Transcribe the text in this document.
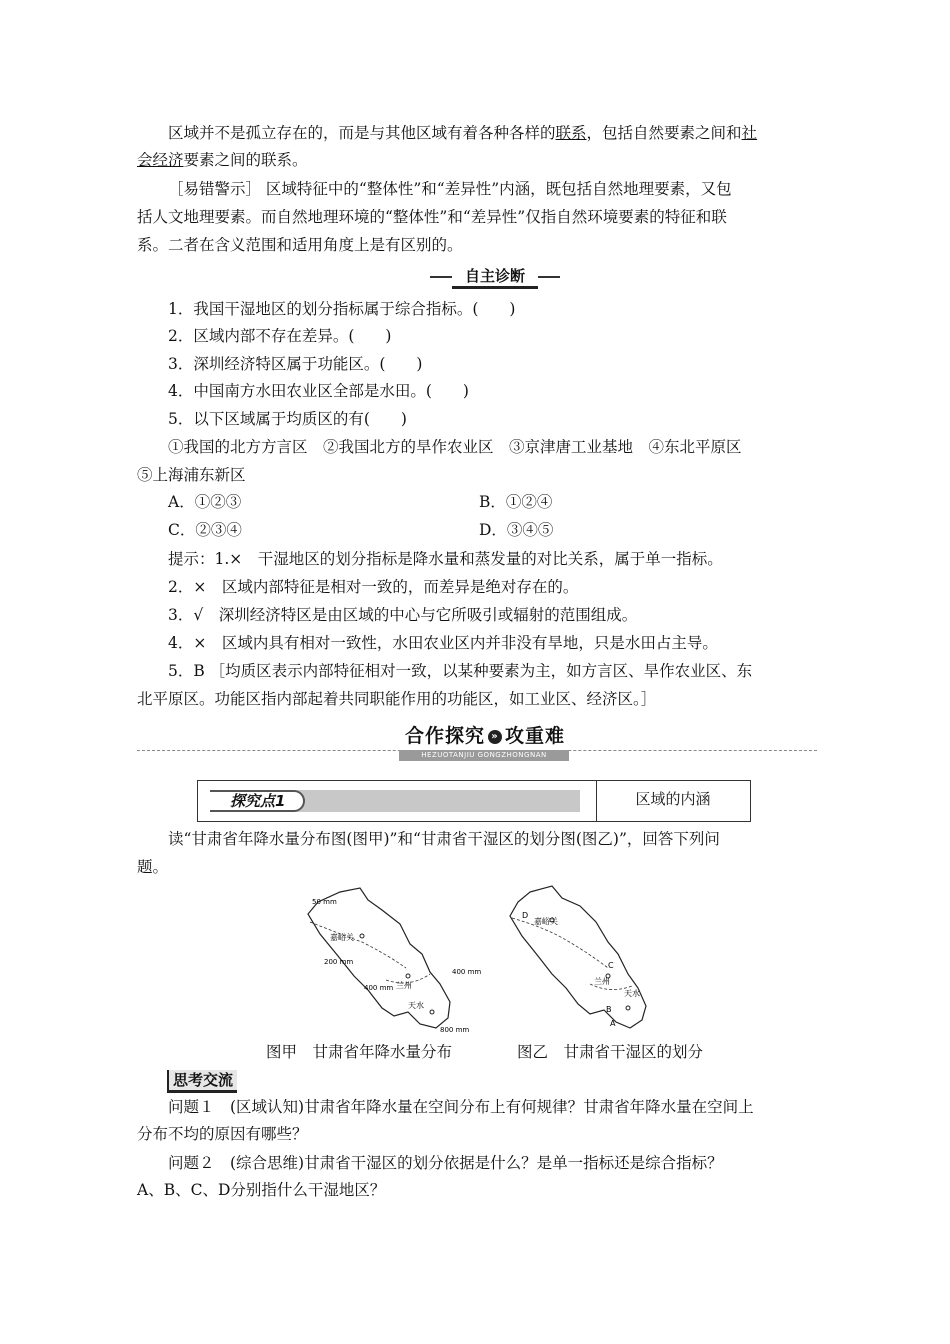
区域并不是孤立存在的，而是与其他区域有着各种各样的联系，包括自然要素之间和社
会经济要素之间的联系。
［易错警示］ 区域特征中的“整体性”和“差异性”内涵，既包括自然地理要素，又包
括人文地理要素。而自然地理环境的“整体性”和“差异性”仅指自然环境要素的特征和联
系。二者在含义范围和适用角度上是有区别的。
自主诊断
1．我国干湿地区的划分指标属于综合指标。(　　)
2．区域内部不存在差异。(　　)
3．深圳经济特区属于功能区。(　　)
4．中国南方水田农业区全部是水田。(　　)
5．以下区域属于均质区的有(　　)
①我国的北方方言区　②我国北方的旱作农业区　③京津唐工业基地　④东北平原区
⑤上海浦东新区
A．①②③	B．①②④
C．②③④	D．③④⑤
提示：1.×　干湿地区的划分指标是降水量和蒸发量的对比关系，属于单一指标。
2．×　区域内部特征是相对一致的，而差异是绝对存在的。
3．√　深圳经济特区是由区域的中心与它所吸引或辐射的范围组成。
4．×　区域内具有相对一致性，水田农业区内并非没有旱地，只是水田占主导。
5．B ［均质区表示内部特征相对一致，以某种要素为主，如方言区、旱作农业区、东
北平原区。功能区指内部起着共同职能作用的功能区，如工业区、经济区。］
合作探究 » 攻重难
HEZUOTANJIU GONGZHONGNAN
探究点1	区域的内涵
读“甘肃省年降水量分布图(图甲)”和“甘肃省干湿区的划分图(图乙)”，回答下列问
题。
50 mm
嘉峪关
200 mm
兰州
400 mm
400 mm
天水
800 mm
D
嘉峪关
C
兰州
天水
B
A
图甲　甘肃省年降水量分布	图乙　甘肃省干湿区的划分
思考交流
问题１　(区域认知)甘肃省年降水量在空间分布上有何规律？甘肃省年降水量在空间上
分布不均的原因有哪些？
问题２　(综合思维)甘肃省干湿区的划分依据是什么？是单一指标还是综合指标？
A、B、C、D分别指什么干湿地区？
